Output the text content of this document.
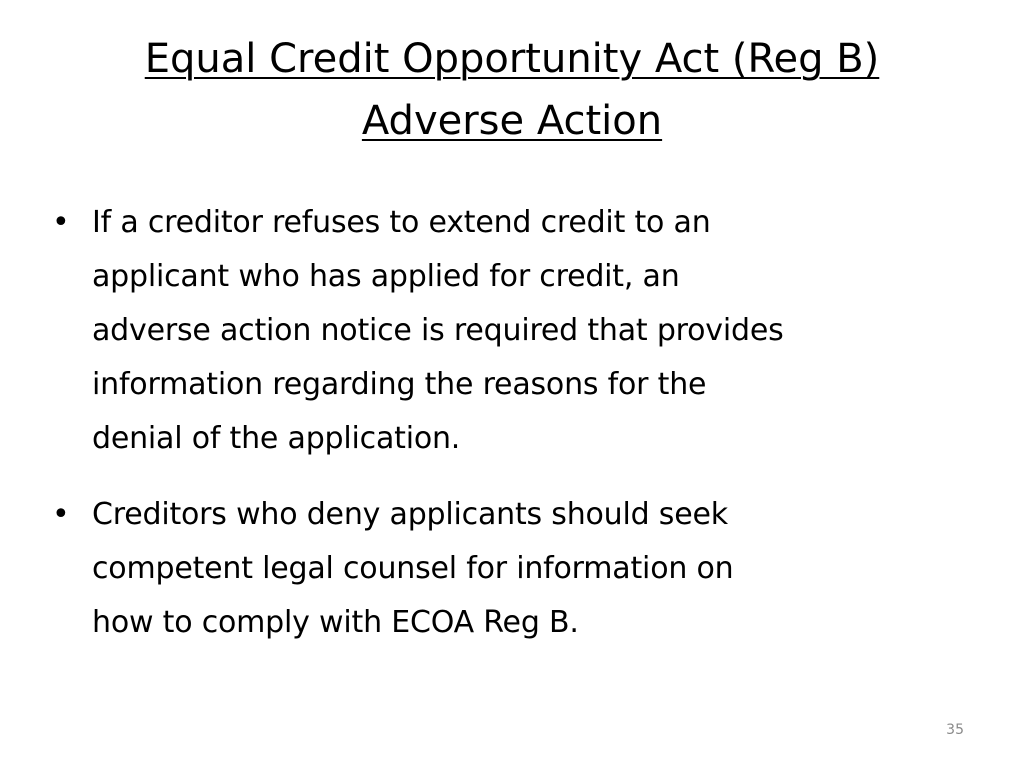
Equal Credit Opportunity Act (Reg B)
Adverse Action
• If a creditor refuses to extend credit to an
applicant who has applied for credit, an
adverse action notice is required that provides
information regarding the reasons for the
denial of the application.
• Creditors who deny applicants should seek
competent legal counsel for information on
how to comply with ECOA Reg B.
35
